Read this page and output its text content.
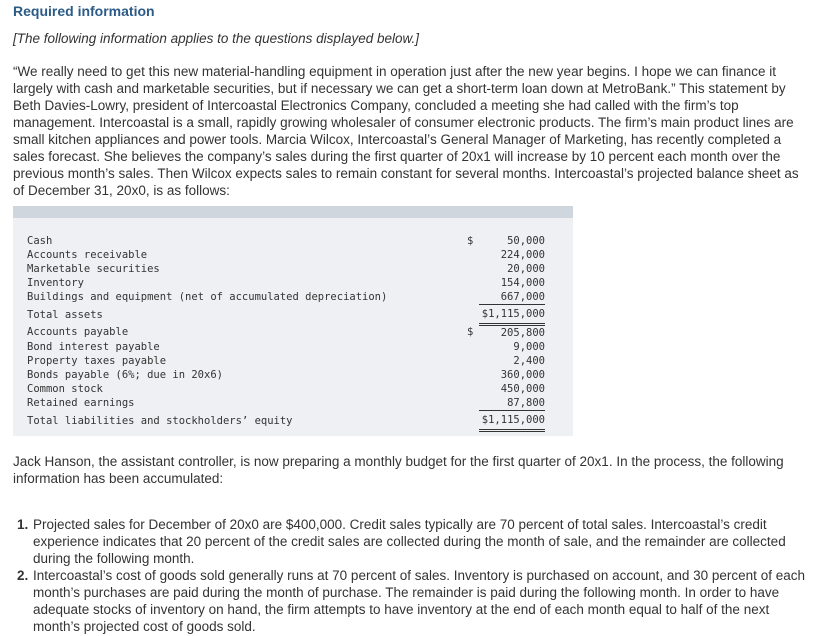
Required information
[The following information applies to the questions displayed below.]
“We really need to get this new material-handling equipment in operation just after the new year begins. I hope we can finance it largely with cash and marketable securities, but if necessary we can get a short-term loan down at MetroBank.” This statement by Beth Davies-Lowry, president of Intercoastal Electronics Company, concluded a meeting she had called with the firm’s top management. Intercoastal is a small, rapidly growing wholesaler of consumer electronic products. The firm’s main product lines are small kitchen appliances and power tools. Marcia Wilcox, Intercoastal’s General Manager of Marketing, has recently completed a sales forecast. She believes the company’s sales during the first quarter of 20x1 will increase by 10 percent each month over the previous month’s sales. Then Wilcox expects sales to remain constant for several months. Intercoastal’s projected balance sheet as of December 31, 20x0, is as follows:
Cash	$	50,000
Accounts receivable		224,000
Marketable securities		20,000
Inventory		154,000
Buildings and equipment (net of accumulated depreciation)		667,000
Total assets		$1,115,000
Accounts payable	$	205,800
Bond interest payable		9,000
Property taxes payable		2,400
Bonds payable (6%; due in 20x6)		360,000
Common stock		450,000
Retained earnings		87,800
Total liabilities and stockholders’ equity		$1,115,000
Jack Hanson, the assistant controller, is now preparing a monthly budget for the first quarter of 20x1. In the process, the following information has been accumulated:
1. Projected sales for December of 20x0 are $400,000. Credit sales typically are 70 percent of total sales. Intercoastal’s credit experience indicates that 20 percent of the credit sales are collected during the month of sale, and the remainder are collected during the following month.
2. Intercoastal’s cost of goods sold generally runs at 70 percent of sales. Inventory is purchased on account, and 30 percent of each month’s purchases are paid during the month of purchase. The remainder is paid during the following month. In order to have adequate stocks of inventory on hand, the firm attempts to have inventory at the end of each month equal to half of the next month’s projected cost of goods sold.
